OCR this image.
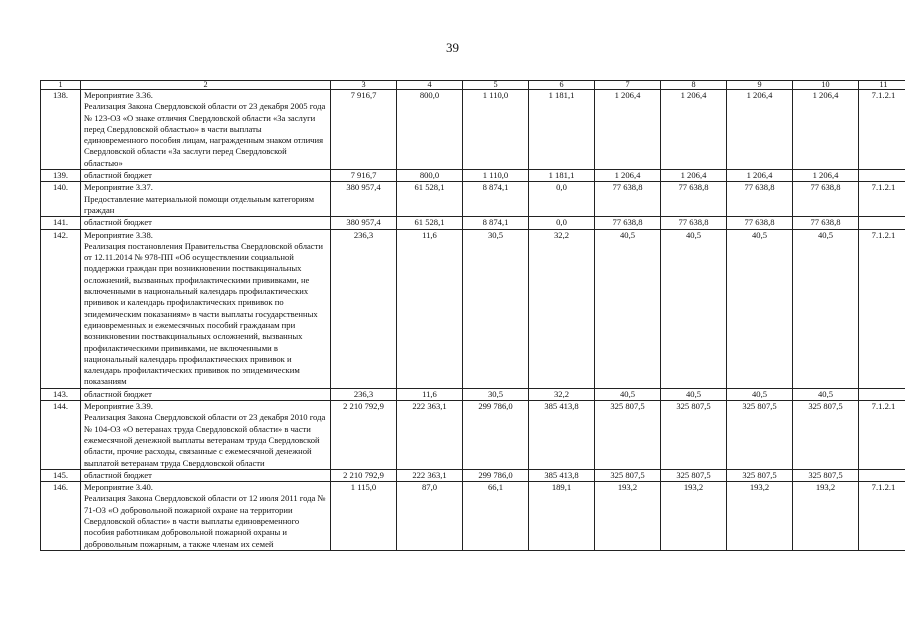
39
1	2	3	4	5	6	7	8	9	10	11
138.	Мероприятие 3.36.
Реализация Закона Свердловской области от 23 декабря 2005 года № 123-ОЗ «О знаке отличия Свердловской области «За заслуги перед Свердловской областью» в части выплаты единовременного пособия лицам, награжденным знаком отличия Свердловской области «За заслуги перед Свердловской областью»	7 916,7	800,0	1 110,0	1 181,1	1 206,4	1 206,4	1 206,4	1 206,4	7.1.2.1
139.	областной бюджет	7 916,7	800,0	1 110,0	1 181,1	1 206,4	1 206,4	1 206,4	1 206,4	
140.	Мероприятие 3.37.
Предоставление материальной помощи отдельным категориям граждан	380 957,4	61 528,1	8 874,1	0,0	77 638,8	77 638,8	77 638,8	77 638,8	7.1.2.1
141.	областной бюджет	380 957,4	61 528,1	8 874,1	0,0	77 638,8	77 638,8	77 638,8	77 638,8	
142.	Мероприятие 3.38.
Реализация постановления Правительства Свердловской области от 12.11.2014 № 978-ПП «Об осуществлении социальной поддержки граждан при возникновении поствакцинальных осложнений, вызванных профилактическими прививками, не включенными в национальный календарь профилактических прививок и календарь профилактических прививок по эпидемическим показаниям» в части выплаты государственных единовременных и ежемесячных пособий гражданам при возникновении поствакцинальных осложнений, вызванных профилактическими прививками, не включенными в национальный календарь профилактических прививок и календарь профилактических прививок по эпидемическим показаниям	236,3	11,6	30,5	32,2	40,5	40,5	40,5	40,5	7.1.2.1
143.	областной бюджет	236,3	11,6	30,5	32,2	40,5	40,5	40,5	40,5	
144.	Мероприятие 3.39.
Реализация Закона Свердловской области от 23 декабря 2010 года № 104-ОЗ «О ветеранах труда Свердловской области» в части ежемесячной денежной выплаты ветеранам труда Свердловской области, прочие расходы, связанные с ежемесячной денежной выплатой ветеранам труда Свердловской области	2 210 792,9	222 363,1	299 786,0	385 413,8	325 807,5	325 807,5	325 807,5	325 807,5	7.1.2.1
145.	областной бюджет	2 210 792,9	222 363,1	299 786,0	385 413,8	325 807,5	325 807,5	325 807,5	325 807,5	
146.	Мероприятие 3.40.
Реализация Закона Свердловской области от 12 июля 2011 года № 71-ОЗ «О добровольной пожарной охране на территории Свердловской области» в части выплаты единовременного пособия работникам добровольной пожарной охраны и добровольным пожарным, а также членам их семей	1 115,0	87,0	66,1	189,1	193,2	193,2	193,2	193,2	7.1.2.1
